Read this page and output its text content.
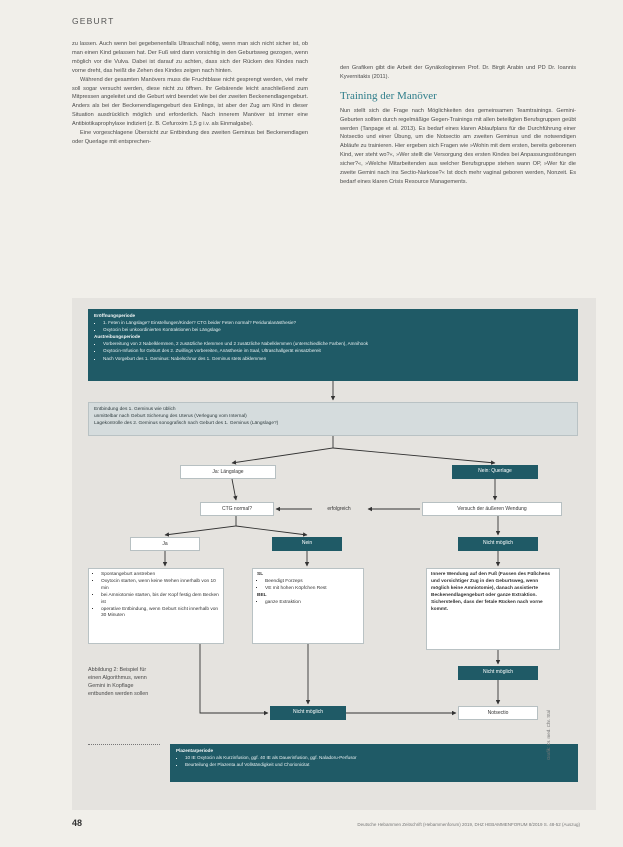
GEBURT

zu lassen. Auch wenn bei gegebenenfalls Ultraschall nötig, wenn man sich nicht sicher ist, ob man einen Kind gelassen hat. Der Fuß wird dann vorsichtig in den Geburtsweg gezogen, wenn möglich vor die Vulva. Dabei ist darauf zu achten, dass sich der Rücken des Kindes nach vorne dreht, das heißt die Zehen des Kindes zeigen nach hinten.

Während der gesamten Manövers muss die Fruchtblase nicht gesprengt werden, viel mehr soll sogar versucht werden, diese nicht zu öffnen. Ihr Gebärende leicht anschließend zum Mitpressen angeleitet und die Geburt wird beendet wie bei der zweiten Beckenendlagengeburt. Anders als bei der Beckenendlagengeburt des Einlings, ist aber der Zug am Kind in dieser Situation ausdrücklich möglich und erforderlich. Nach innerem Manöver ist immer eine Antibiotikaprophylaxe indiziert (z. B. Cefuroxim 1,5 g i.v. als Einmalgabe).

Eine vorgeschlagene Übersicht zur Entbindung des zweiten Geminus bei Beckenendlagen oder Querlage mit entsprechen-

den Grafiken gibt die Arbeit der Gynäkologinnen Prof. Dr. Birgit Arabin und PD Dr. Ioannis Kyvernitakis (2011).

Training der Manöver

Nun stellt sich die Frage nach Möglichkeiten des gemeinsamen Teamtrainings. Gemini-Geburten sollten durch regelmäßige Gegen-Trainings mit allen beteiligten Berufsgruppen geübt werden (Tanpage et al. 2013). Es bedarf eines klaren Ablaufplans für die Durchführung einer Notsectio und einer Übung, um die Notsectio am zweiten Geminus und die notwendigen Abläufe zu trainieren. Hier ergeben sich Fragen wie »Wohin mit dem ersten, bereits geborenen Kind, wer steht wo?«, »Wer stellt die Versorgung des ersten Kindes bei Anpassungsstörungen sicher?«, »Welche Mitarbeitenden aus welcher Berufsgruppe stehen wann OP, »Wer für die zweite Gemini nach ins Sectio-Narkose?« Ist doch mehr vaginal geboren werden, Nonzeit. Es bedarf eines klaren Crisis Resource Managements.

Eröffnungsperiode
▪ 1. Feten in Längslage? Einstellungen/Kinder? CTG beider Feten normal? Periduralanästhesie?
▪ Oxytocin bei unkoordinierten Kontraktionen bei Längslage
Austreibungsperiode
▪ Vorbereitung von 2 Nabelklemmen, 2 zusätzliche Klemmen und 2 zusätzliche Nabelklemmen (unterschiedliche Farben), Amnihook
▪ Oxytocin-Infusion für Geburt des 2. Zwillings vorbereiten, Anästhesie im Saal, Ultraschallgerät einsatzbereit
▪ Nach Vorgeburt des 1. Geminus: Nabelschnur des 1. Geminus stets abklemmen
Entbindung des 1. Geminus wie üblich
unmittelbar nach Geburt Sicherung des Uterus (Verlegung vom Internal)
Lagekontrolle des 2. Geminus sonografisch nach Geburt des 1. Geminus (Längslage?)
Ja: Längslage	Nein: Querlage
CTG normal?	erfolgreich	Versuch der äußeren Wendung
Ja	Nein	Nicht möglich
▪ Spontangeburt anstreben
▪ Oxytocin starten, wenn keine Wehen innerhalb von 10 min
▪ bei Amniotomie starten, bis der Kopf festig dem Becken ist
▪ operative Entbindung, wenn Geburt nicht innerhalb von 30 Minuten
SL
▪ Beendigt Forzeps
▪ VE mit hohen Köpfchen Rest
BEL
▪ ganze Extraktion
Innere Wendung auf den Fuß (Fassen des Füßchens und vorsichtiger Zug in den Geburtsweg, wenn möglich keine Amniotomie), danach assistierte Beckenendlagengeburt oder ganze Extraktion. Sicherstellen, dass der fetale Rücken nach vorne kommt.
Nicht möglich
Nicht möglich	Notsectio
Abbildung 2: Beispiel für einen Algorithmus, wenn Gemini in Kopflage entbunden werden sollen
Plazentarperiode
▪ 10 IE Oxytocin als Kurzinfusion, ggf. 40 IE als Dauerinfusion, ggf. Naladoru-Perfusor
▪ Beurteilung der Plazenta auf Vollständigkeit und Chorionicitat
Grafik: Dr. med. Chr. Stal
48	Deutsche Hebammen Zeitschrift (Hebammenforum) 2019, DHZ HEBAMMENFORUM 8/2019 S. 48-52 (Auszug)
